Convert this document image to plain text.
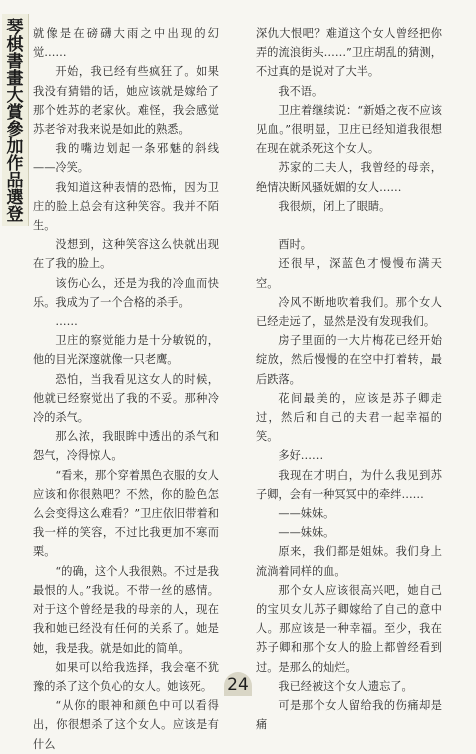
琴
棋
書
畫
大
賞
參
加
作
品
選
登

就像是在磅礴大雨之中出现的幻觉……

开始，我已经有些疯狂了。如果我没有猜错的话，她应该就是嫁给了那个姓苏的老家伙。难怪，我会感觉苏老爷对我来说是如此的熟悉。

我的嘴边划起一条邪魅的斜线——冷笑。

我知道这种表情的恐怖，因为卫庄的脸上总会有这种笑容。我并不陌生。

没想到，这种笑容这么快就出现在了我的脸上。

该伤心么，还是为我的冷血而快乐。我成为了一个合格的杀手。

……

卫庄的察觉能力是十分敏锐的，他的目光深邃就像一只老鹰。

恐怕，当我看见这女人的时候，他就已经察觉出了我的不妥。那种冷冷的杀气。

那么浓，我眼眸中透出的杀气和怨气，冷得惊人。

“看来，那个穿着黑色衣服的女人应该和你很熟吧？不然，你的脸色怎么会变得这么难看？”卫庄依旧带着和我一样的笑容，不过比我更加不寒而栗。

“的确，这个人我很熟。不过是我最恨的人。”我说。不带一丝的感情。对于这个曾经是我的母亲的人，现在我和她已经没有任何的关系了。她是她，我是我。就是如此的简单。

如果可以给我选择，我会毫不犹豫的杀了这个负心的女人。她该死。

“从你的眼神和颜色中可以看得出，你很想杀了这个女人。应该是有什么

深仇大恨吧？难道这个女人曾经把你弄的流浪街头……”卫庄胡乱的猜测，不过真的是说对了大半。

我不语。

卫庄着继续说：“新婚之夜不应该见血。”很明显，卫庄已经知道我很想在现在就杀死这个女人。

苏家的二夫人，我曾经的母亲，绝情决断风骚妩媚的女人……

我很烦，闭上了眼睛。

酉时。

还很早，深蓝色才慢慢布满天空。

冷风不断地吹着我们。那个女人已经走远了，显然是没有发现我们。

房子里面的一大片梅花已经开始绽放，然后慢慢的在空中打着转，最后跌落。

花间最美的，应该是苏子卿走过，然后和自己的夫君一起幸福的笑。

多好……

我现在才明白，为什么我见到苏子卿，会有一种冥冥中的牵绊……

——妹妹。

——妹妹。

原来，我们都是姐妹。我们身上流淌着同样的血。

那个女人应该很高兴吧，她自己的宝贝女儿苏子卿嫁给了自己的意中人。那应该是一种幸福。至少，我在苏子卿和那个女人的脸上都曾经看到过。是那么的灿烂。

我已经被这个女人遗忘了。

可是那个女人留给我的伤痛却是痛

24
